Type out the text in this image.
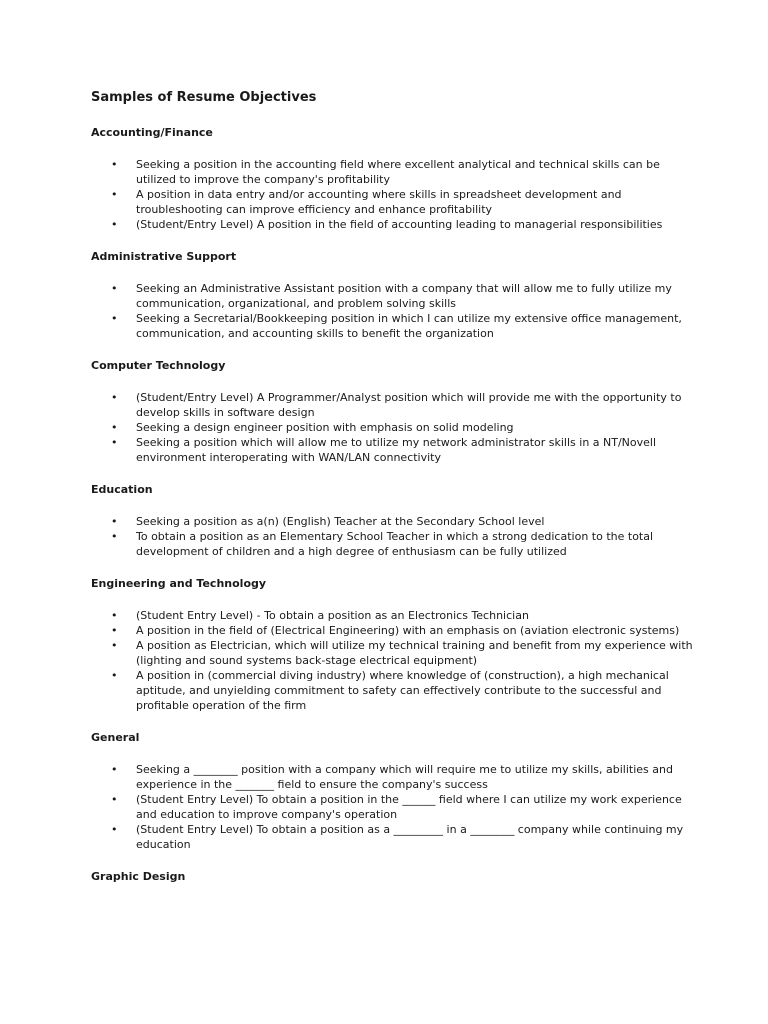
Samples of Resume Objectives
Accounting/Finance
• Seeking a position in the accounting field where excellent analytical and technical skills can be utilized to improve the company's profitability
• A position in data entry and/or accounting where skills in spreadsheet development and troubleshooting can improve efficiency and enhance profitability
• (Student/Entry Level) A position in the field of accounting leading to managerial responsibilities
Administrative Support
• Seeking an Administrative Assistant position with a company that will allow me to fully utilize my communication, organizational, and problem solving skills
• Seeking a Secretarial/Bookkeeping position in which I can utilize my extensive office management, communication, and accounting skills to benefit the organization
Computer Technology
• (Student/Entry Level) A Programmer/Analyst position which will provide me with the opportunity to develop skills in software design
• Seeking a design engineer position with emphasis on solid modeling
• Seeking a position which will allow me to utilize my network administrator skills in a NT/Novell environment interoperating with WAN/LAN connectivity
Education
• Seeking a position as a(n) (English) Teacher at the Secondary School level
• To obtain a position as an Elementary School Teacher in which a strong dedication to the total development of children and a high degree of enthusiasm can be fully utilized
Engineering and Technology
• (Student Entry Level) - To obtain a position as an Electronics Technician
• A position in the field of (Electrical Engineering) with an emphasis on (aviation electronic systems)
• A position as Electrician, which will utilize my technical training and benefit from my experience with (lighting and sound systems back-stage electrical equipment)
• A position in (commercial diving industry) where knowledge of (construction), a high mechanical aptitude, and unyielding commitment to safety can effectively contribute to the successful and profitable operation of the firm
General
• Seeking a ________ position with a company which will require me to utilize my skills, abilities and experience in the _______ field to ensure the company's success
• (Student Entry Level) To obtain a position in the ______ field where I can utilize my work experience and education to improve company's operation
• (Student Entry Level) To obtain a position as a _________ in a ________ company while continuing my education
Graphic Design
